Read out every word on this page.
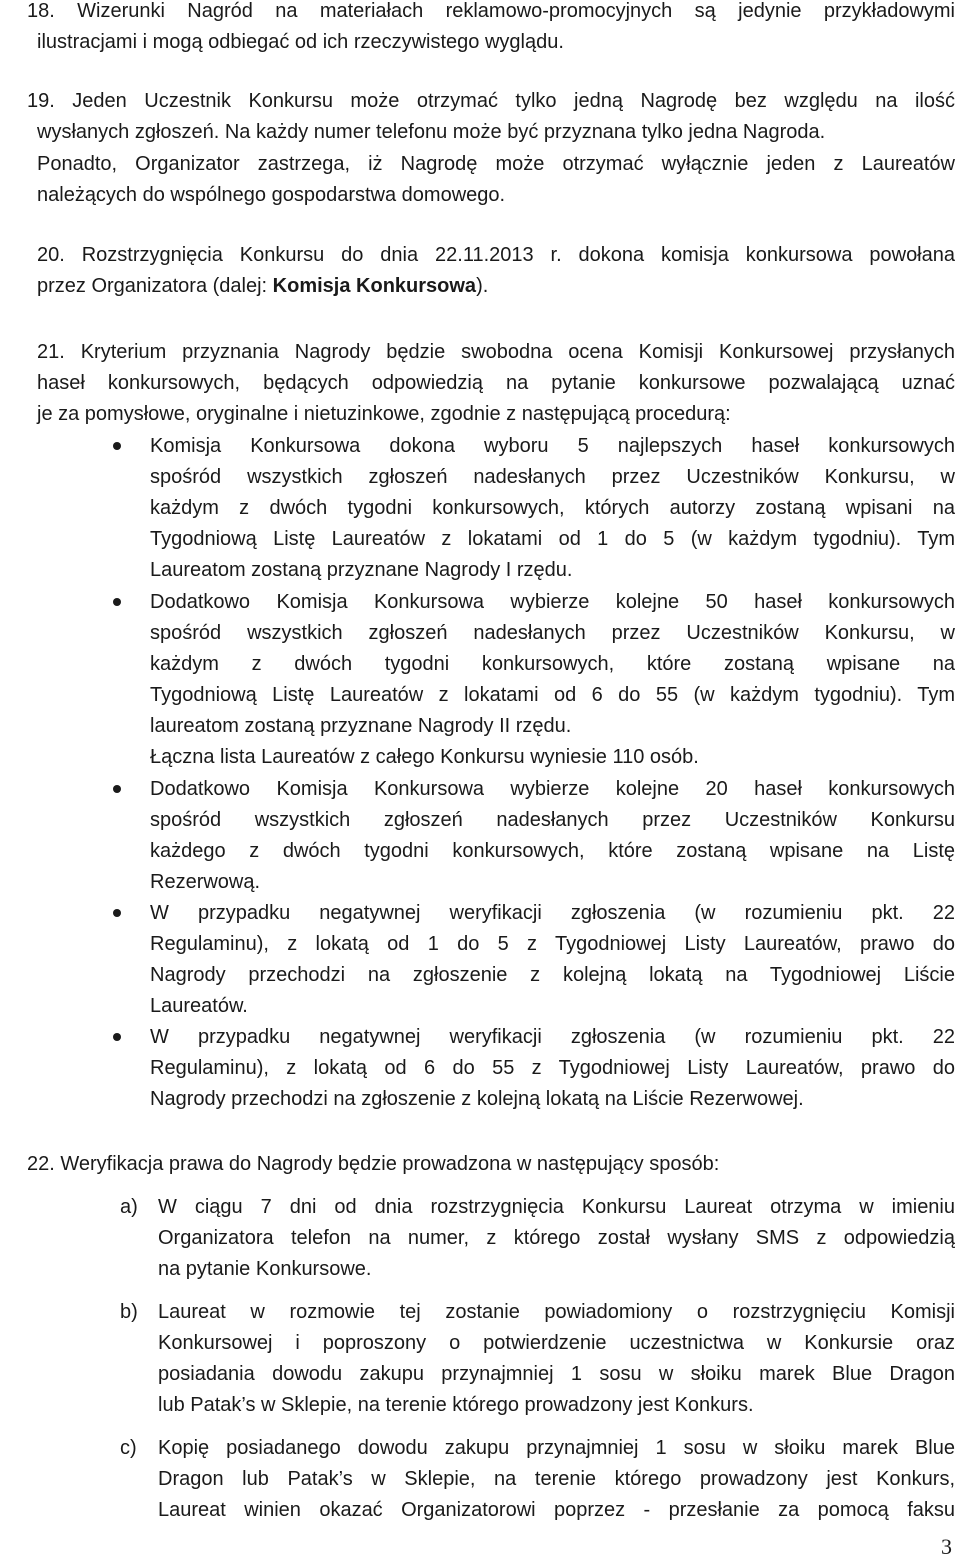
18. Wizerunki Nagród na materiałach reklamowo-promocyjnych są jedynie przykładowymi
ilustracjami i mogą odbiegać od ich rzeczywistego wyglądu.
19. Jeden Uczestnik Konkursu może otrzymać tylko jedną Nagrodę bez względu na ilość
wysłanych zgłoszeń. Na każdy numer telefonu może być przyznana tylko jedna Nagroda.
Ponadto, Organizator zastrzega, iż Nagrodę może otrzymać wyłącznie jeden z Laureatów
należących do wspólnego gospodarstwa domowego.
20. Rozstrzygnięcia Konkursu do dnia 22.11.2013 r. dokona komisja konkursowa powołana
przez Organizatora (dalej: Komisja Konkursowa).
21. Kryterium przyznania Nagrody będzie swobodna ocena Komisji Konkursowej przysłanych
haseł konkursowych, będących odpowiedzią na pytanie konkursowe pozwalającą uznać
je za pomysłowe, oryginalne i nietuzinkowe, zgodnie z następującą procedurą:
Komisja Konkursowa dokona wyboru 5 najlepszych haseł konkursowych
spośród wszystkich zgłoszeń nadesłanych przez Uczestników Konkursu, w
każdym z dwóch tygodni konkursowych, których autorzy zostaną wpisani na
Tygodniową Listę Laureatów z lokatami od 1 do 5 (w każdym tygodniu). Tym
Laureatom zostaną przyznane Nagrody I rzędu.
Dodatkowo Komisja Konkursowa wybierze kolejne 50 haseł konkursowych
spośród wszystkich zgłoszeń nadesłanych przez Uczestników Konkursu, w
każdym z dwóch tygodni konkursowych, które zostaną wpisane na
Tygodniową Listę Laureatów z lokatami od 6 do 55 (w każdym tygodniu). Tym
laureatom zostaną przyznane Nagrody II rzędu.
Łączna lista Laureatów z całego Konkursu wyniesie 110 osób.
Dodatkowo Komisja Konkursowa wybierze kolejne 20 haseł konkursowych
spośród wszystkich zgłoszeń nadesłanych przez Uczestników Konkursu
każdego z dwóch tygodni konkursowych, które zostaną wpisane na Listę
Rezerwową.
W przypadku negatywnej weryfikacji zgłoszenia (w rozumieniu pkt. 22
Regulaminu), z lokatą od 1 do 5 z Tygodniowej Listy Laureatów, prawo do
Nagrody przechodzi na zgłoszenie z kolejną lokatą na Tygodniowej Liście
Laureatów.
W przypadku negatywnej weryfikacji zgłoszenia (w rozumieniu pkt. 22
Regulaminu), z lokatą od 6 do 55 z Tygodniowej Listy Laureatów, prawo do
Nagrody przechodzi na zgłoszenie z kolejną lokatą na Liście Rezerwowej.
22. Weryfikacja prawa do Nagrody będzie prowadzona w następujący sposób:
a) W ciągu 7 dni od dnia rozstrzygnięcia Konkursu Laureat otrzyma w imieniu
Organizatora telefon na numer, z którego został wysłany SMS z odpowiedzią
na pytanie Konkursowe.
b) Laureat w rozmowie tej zostanie powiadomiony o rozstrzygnięciu Komisji
Konkursowej i poproszony o potwierdzenie uczestnictwa w Konkursie oraz
posiadania dowodu zakupu przynajmniej 1 sosu w słoiku marek Blue Dragon
lub Patak’s w Sklepie, na terenie którego prowadzony jest Konkurs.
c) Kopię posiadanego dowodu zakupu przynajmniej 1 sosu w słoiku marek Blue
Dragon lub Patak’s w Sklepie, na terenie którego prowadzony jest Konkurs,
Laureat winien okazać Organizatorowi poprzez - przesłanie za pomocą faksu
3
